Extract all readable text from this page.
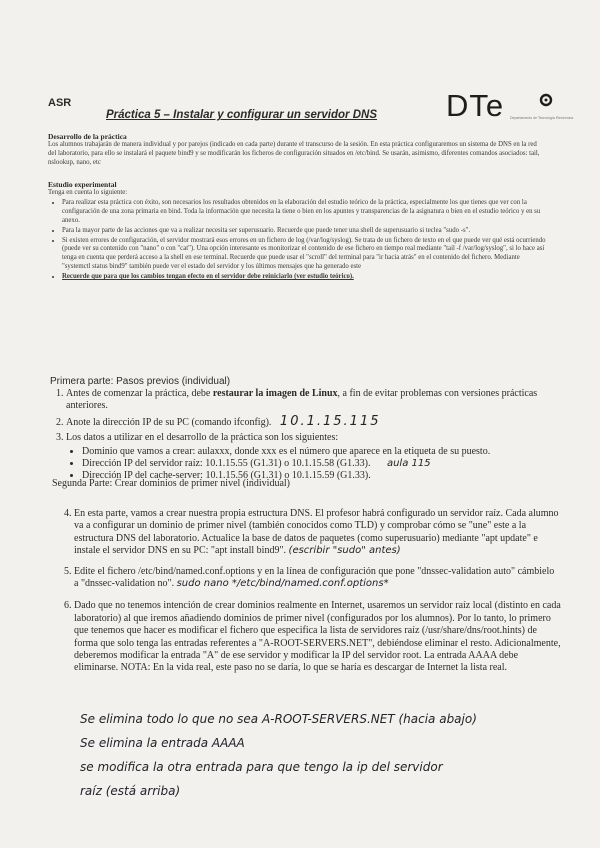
ASR
Práctica 5 – Instalar y configurar un servidor DNS	DTe Departamento de Tecnología Electrónica
Desarrollo de la práctica
Los alumnos trabajarán de manera individual y por parejos (indicado en cada parte) durante el transcurso de la sesión. En esta práctica configuraremos un sistema de DNS en la red del laboratorio, para ello se instalará el paquete bind9 y se modificarán los ficheros de configuración situados en /etc/bind. Se usarán, asimismo, diferentes comandos asociados: tail, nslookup, nano, etc
Estudio experimental
Tenga en cuenta lo siguiente:
• Para realizar esta práctica con éxito, son necesarios los resultados obtenidos en la elaboración del estudio teórico de la práctica, especialmente los que tienes que ver con la configuración de una zona primaria en bind. Toda la información que necesita la tiene o bien en los apuntes y transparencias de la asignatura o bien en el estudio teórico y en su anexo.
• Para la mayor parte de las acciones que va a realizar necesita ser superusuario. Recuerde que puede tener una shell de superusuario si teclea "sudo -s".
• Si existen errores de configuración, el servidor mostrará esos errores en un fichero de log (/var/log/syslog). Se trata de un fichero de texto en el que puede ver qué está ocurriendo (puede ver su contenido con "nano" o con "cat"). Una opción interesante es monitorizar el contenido de ese fichero en tiempo real mediante "tail -f /var/log/syslog", si lo hace así tenga en cuenta que perderá acceso a la shell en ese terminal. Recuerde que puede usar el "scroll" del terminal para "ir hacia atrás" en el contenido del fichero. Mediante "systemctl status bind9" también puede ver el estado del servidor y los últimos mensajes que ha generado este
• Recuerde que para que los cambios tengan efecto en el servidor debe reiniciarlo (ver estudio teórico).
Primera parte: Pasos previos (individual)
1. Antes de comenzar la práctica, debe restaurar la imagen de Linux, a fin de evitar problemas con versiones prácticas anteriores.
2. Anote la dirección IP de su PC (comando ifconfig). 10.1.15.115
3. Los datos a utilizar en el desarrollo de la práctica son los siguientes:
• Dominio que vamos a crear: aulaxxx, donde xxx es el número que aparece en la etiqueta de su puesto.
• Dirección IP del servidor raíz: 10.1.15.55 (G1.31) o 10.1.15.58 (G1.33). aula 115
• Dirección IP del cache-server: 10.1.15.56 (G1.31) o 10.1.15.59 (G1.33).
Segunda Parte: Crear dominios de primer nivel (individual)
4. En esta parte, vamos a crear nuestra propia estructura DNS. El profesor habrá configurado un servidor raíz. Cada alumno va a configurar un dominio de primer nivel (también conocidos como TLD) y comprobar cómo se "une" este a la estructura DNS del laboratorio. Actualice la base de datos de paquetes (como superusuario) mediante "apt update" e instale el servidor DNS en su PC: "apt install bind9". (escribir "sudo" antes)
5. Edite el fichero /etc/bind/named.conf.options y en la línea de configuración que pone "dnssec-validation auto" cámbielo a "dnssec-validation no". sudo nano */etc/bind/named.conf.options*
6. Dado que no tenemos intención de crear dominios realmente en Internet, usaremos un servidor raíz local (distinto en cada laboratorio) al que iremos añadiendo dominios de primer nivel (configurados por los alumnos). Por lo tanto, lo primero que tenemos que hacer es modificar el fichero que especifica la lista de servidores raíz (/usr/share/dns/root.hints) de forma que solo tenga las entradas referentes a "A-ROOT-SERVERS.NET", debiéndose eliminar el resto. Adicionalmente, deberemos modificar la entrada "A" de ese servidor y modificar la IP del servidor root. La entrada AAAA debe eliminarse. NOTA: En la vida real, este paso no se daría, lo que se haría es descargar de Internet la lista real.
Se elimina todo lo que no sea A-ROOT-SERVERS.NET (hacia abajo)
Se elimina la entrada AAAA
se modifica la otra entrada para que tengo la ip del servidor
raíz (está arriba)
